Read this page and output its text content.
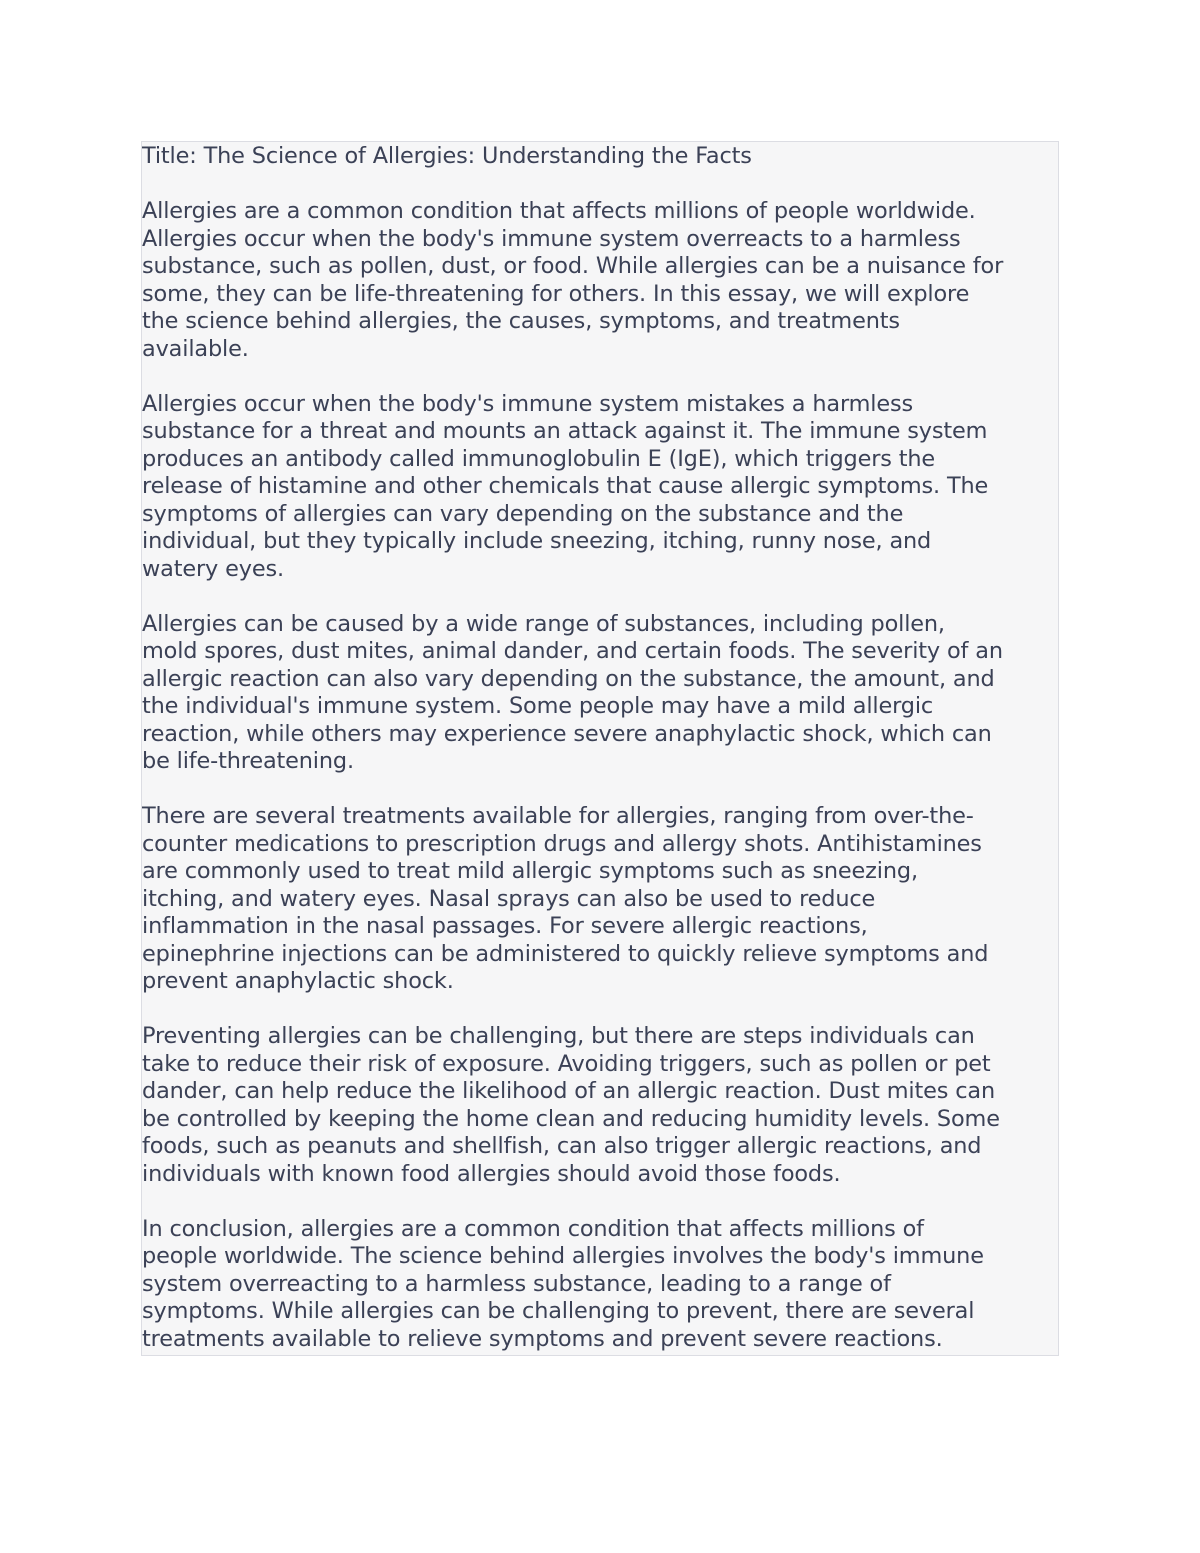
Title: The Science of Allergies: Understanding the Facts
Allergies are a common condition that affects millions of people worldwide.
Allergies occur when the body's immune system overreacts to a harmless
substance, such as pollen, dust, or food. While allergies can be a nuisance for
some, they can be life-threatening for others. In this essay, we will explore
the science behind allergies, the causes, symptoms, and treatments
available.
Allergies occur when the body's immune system mistakes a harmless
substance for a threat and mounts an attack against it. The immune system
produces an antibody called immunoglobulin E (IgE), which triggers the
release of histamine and other chemicals that cause allergic symptoms. The
symptoms of allergies can vary depending on the substance and the
individual, but they typically include sneezing, itching, runny nose, and
watery eyes.
Allergies can be caused by a wide range of substances, including pollen,
mold spores, dust mites, animal dander, and certain foods. The severity of an
allergic reaction can also vary depending on the substance, the amount, and
the individual's immune system. Some people may have a mild allergic
reaction, while others may experience severe anaphylactic shock, which can
be life-threatening.
There are several treatments available for allergies, ranging from over-the-
counter medications to prescription drugs and allergy shots. Antihistamines
are commonly used to treat mild allergic symptoms such as sneezing,
itching, and watery eyes. Nasal sprays can also be used to reduce
inflammation in the nasal passages. For severe allergic reactions,
epinephrine injections can be administered to quickly relieve symptoms and
prevent anaphylactic shock.
Preventing allergies can be challenging, but there are steps individuals can
take to reduce their risk of exposure. Avoiding triggers, such as pollen or pet
dander, can help reduce the likelihood of an allergic reaction. Dust mites can
be controlled by keeping the home clean and reducing humidity levels. Some
foods, such as peanuts and shellfish, can also trigger allergic reactions, and
individuals with known food allergies should avoid those foods.
In conclusion, allergies are a common condition that affects millions of
people worldwide. The science behind allergies involves the body's immune
system overreacting to a harmless substance, leading to a range of
symptoms. While allergies can be challenging to prevent, there are several
treatments available to relieve symptoms and prevent severe reactions.
